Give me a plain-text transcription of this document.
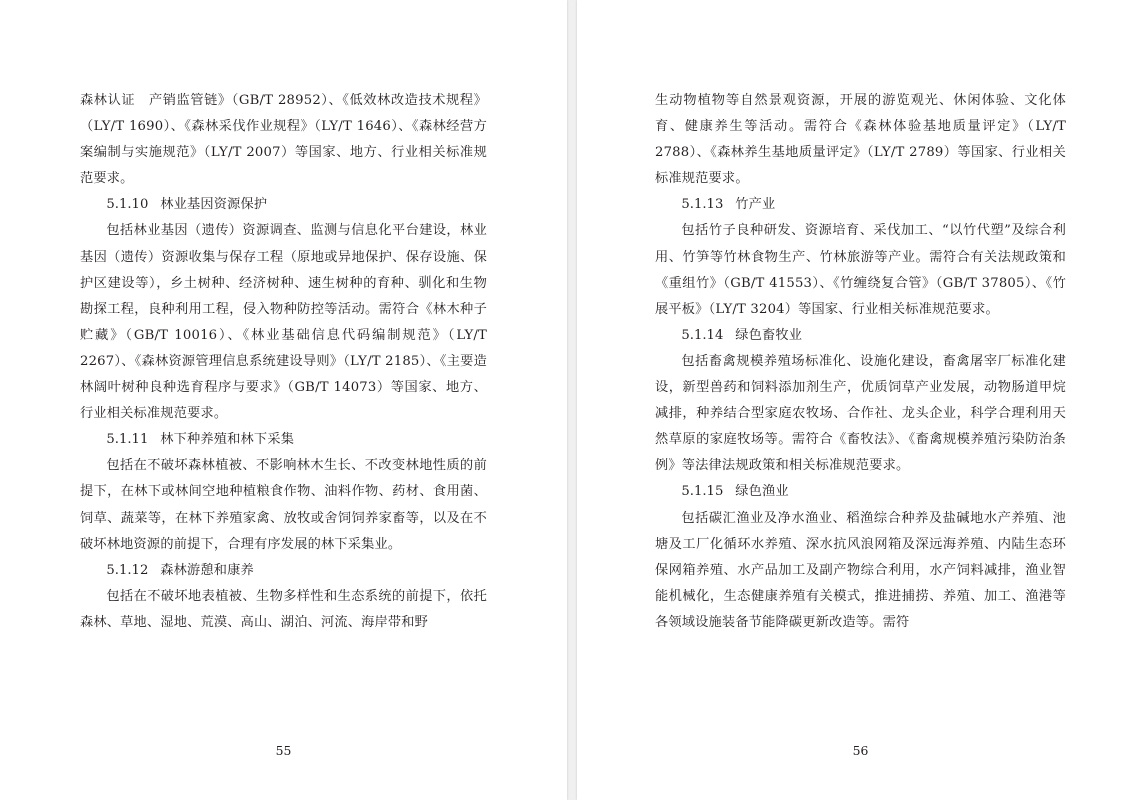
森林认证　产销监管链》（GB/T 28952）、《低效林改造技术规程》（LY/T 1690）、《森林采伐作业规程》（LY/T 1646）、《森林经营方案编制与实施规范》（LY/T 2007）等国家、地方、行业相关标准规范要求。

5.1.10 林业基因资源保护

包括林业基因（遗传）资源调查、监测与信息化平台建设，林业基因（遗传）资源收集与保存工程（原地或异地保护、保存设施、保护区建设等），乡土树种、经济树种、速生树种的育种、驯化和生物勘探工程，良种利用工程，侵入物种防控等活动。需符合《林木种子贮藏》（GB/T 10016）、《林业基础信息代码编制规范》（LY/T 2267）、《森林资源管理信息系统建设导则》（LY/T 2185）、《主要造林阔叶树种良种选育程序与要求》（GB/T 14073）等国家、地方、行业相关标准规范要求。

5.1.11 林下种养殖和林下采集

包括在不破坏森林植被、不影响林木生长、不改变林地性质的前提下，在林下或林间空地种植粮食作物、油料作物、药材、食用菌、饲草、蔬菜等，在林下养殖家禽、放牧或舍饲饲养家畜等，以及在不破坏林地资源的前提下，合理有序发展的林下采集业。

5.1.12 森林游憩和康养

包括在不破坏地表植被、生物多样性和生态系统的前提下，依托森林、草地、湿地、荒漠、高山、湖泊、河流、海岸带和野

55

生动物植物等自然景观资源，开展的游览观光、休闲体验、文化体育、健康养生等活动。需符合《森林体验基地质量评定》（LY/T 2788）、《森林养生基地质量评定》（LY/T 2789）等国家、行业相关标准规范要求。

5.1.13 竹产业

包括竹子良种研发、资源培育、采伐加工、“以竹代塑”及综合利用、竹笋等竹林食物生产、竹林旅游等产业。需符合有关法规政策和《重组竹》（GB/T 41553）、《竹缠绕复合管》（GB/T 37805）、《竹展平板》（LY/T 3204）等国家、行业相关标准规范要求。

5.1.14 绿色畜牧业

包括畜禽规模养殖场标准化、设施化建设，畜禽屠宰厂标准化建设，新型兽药和饲料添加剂生产，优质饲草产业发展，动物肠道甲烷减排，种养结合型家庭农牧场、合作社、龙头企业，科学合理利用天然草原的家庭牧场等。需符合《畜牧法》、《畜禽规模养殖污染防治条例》等法律法规政策和相关标准规范要求。

5.1.15 绿色渔业

包括碳汇渔业及净水渔业、稻渔综合种养及盐碱地水产养殖、池塘及工厂化循环水养殖、深水抗风浪网箱及深远海养殖、内陆生态环保网箱养殖、水产品加工及副产物综合利用，水产饲料减排，渔业智能机械化，生态健康养殖有关模式，推进捕捞、养殖、加工、渔港等各领域设施装备节能降碳更新改造等。需符

56
